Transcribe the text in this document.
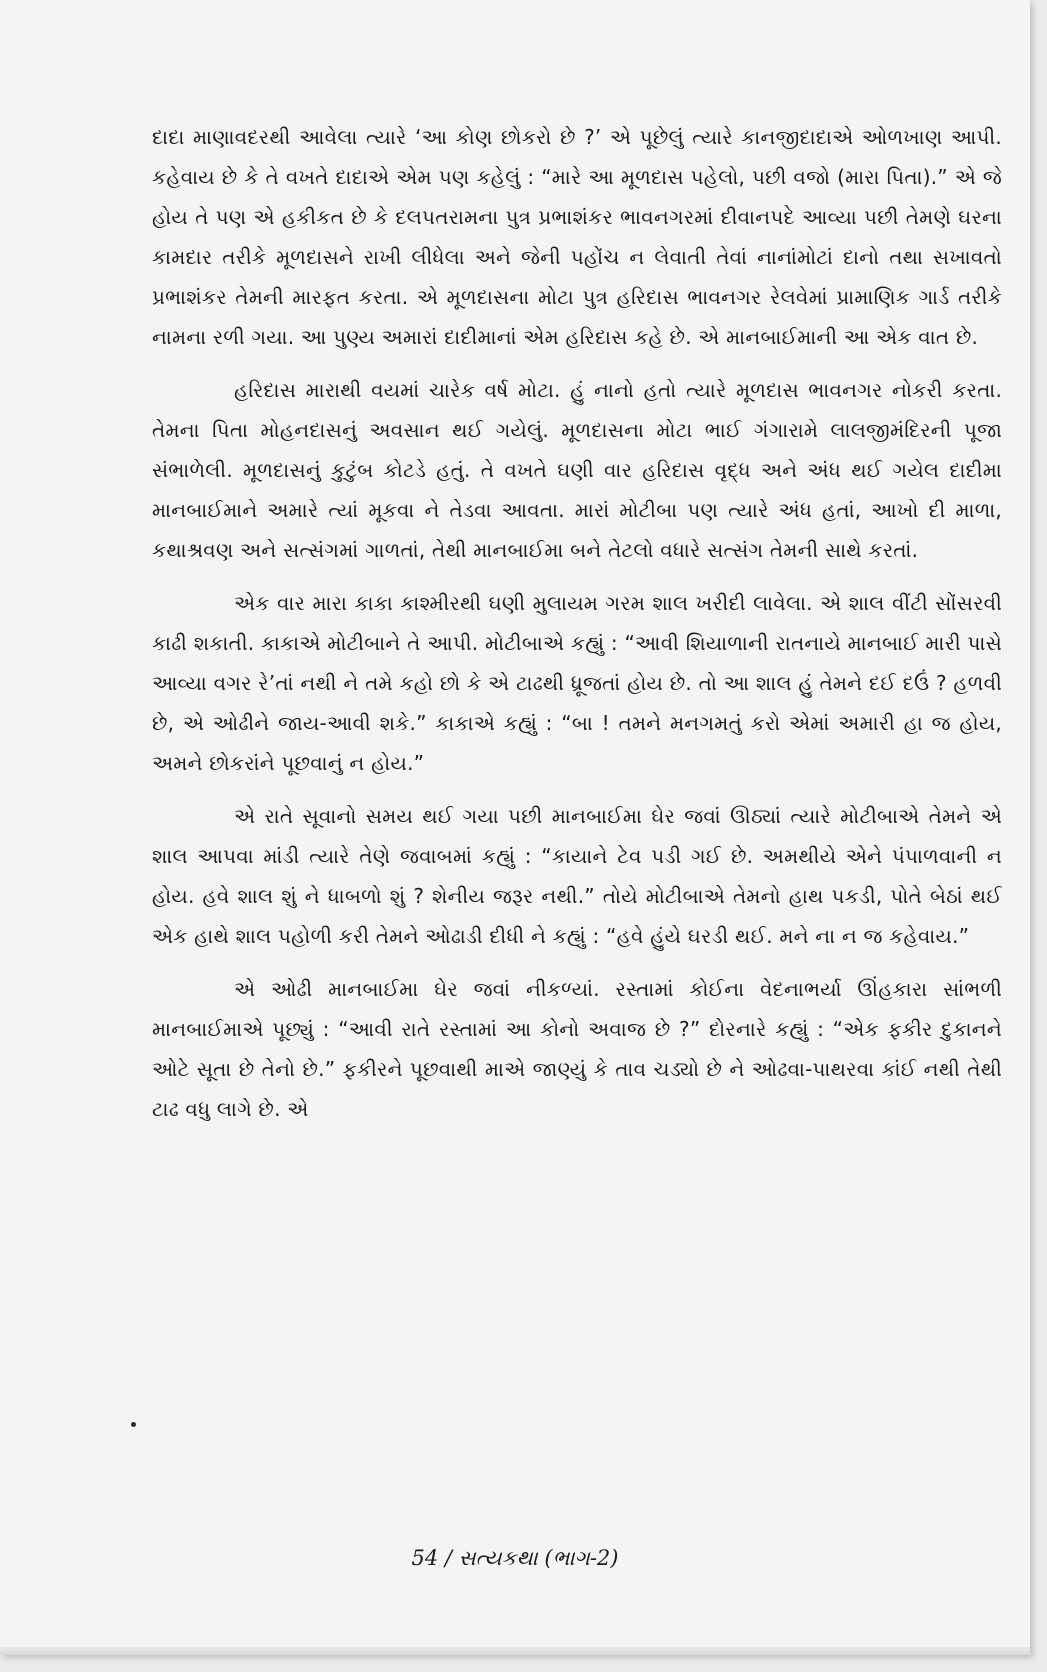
દાદા માણાવદરથી આવેલા ત્યારે ‘આ કોણ છોકરો છે ?’ એ પૂછેલું ત્યારે કાનજીદાદાએ ઓળખાણ આપી. કહેવાય છે કે તે વખતે દાદાએ એમ પણ કહેલું : “મારે આ મૂળદાસ પહેલો, પછી વજો (મારા પિતા).” એ જે હોય તે પણ એ હકીકત છે કે દલપતરામના પુત્ર પ્રભાશંકર ભાવનગરમાં દીવાનપદે આવ્યા પછી તેમણે ઘરના કામદાર તરીકે મૂળદાસને રાખી લીધેલા અને જેની પહોંચ ન લેવાતી તેવાં નાનાંમોટાં દાનો તથા સખાવતો પ્રભાશંકર તેમની મારફત કરતા. એ મૂળદાસના મોટા પુત્ર હરિદાસ ભાવનગર રેલવેમાં પ્રામાણિક ગાર્ડ તરીકે નામના રળી ગયા. આ પુણ્ય અમારાં દાદીમાનાં એમ હરિદાસ કહે છે. એ માનબાઈમાની આ એક વાત છે.

હરિદાસ મારાથી વયમાં ચારેક વર્ષ મોટા. હું નાનો હતો ત્યારે મૂળદાસ ભાવનગર નોકરી કરતા. તેમના પિતા મોહનદાસનું અવસાન થઈ ગયેલું. મૂળદાસના મોટા ભાઈ ગંગારામે લાલજીમંદિરની પૂજા સંભાળેલી. મૂળદાસનું કુટુંબ કોટડે હતું. તે વખતે ઘણી વાર હરિદાસ વૃદ્ધ અને અંધ થઈ ગયેલ દાદીમા માનબાઈમાને અમારે ત્યાં મૂકવા ને તેડવા આવતા. મારાં મોટીબા પણ ત્યારે અંધ હતાં, આખો દી માળા, કથાશ્રવણ અને સત્સંગમાં ગાળતાં, તેથી માનબાઈમા બને તેટલો વધારે સત્સંગ તેમની સાથે કરતાં.

એક વાર મારા કાકા કાશ્મીરથી ઘણી મુલાયમ ગરમ શાલ ખરીદી લાવેલા. એ શાલ વીંટી સોંસરવી કાઢી શકાતી. કાકાએ મોટીબાને તે આપી. મોટીબાએ કહ્યું : “આવી શિયાળાની રાતનાયે માનબાઈ મારી પાસે આવ્યા વગર રે’તાં નથી ને તમે કહો છો કે એ ટાઢથી ધ્રૂજતાં હોય છે. તો આ શાલ હું તેમને દઈ દઉં ? હળવી છે, એ ઓઢીને જાય-આવી શકે.” કાકાએ કહ્યું : “બા ! તમને મનગમતું કરો એમાં અમારી હા જ હોય, અમને છોકરાંને પૂછવાનું ન હોય.”

એ રાતે સૂવાનો સમય થઈ ગયા પછી માનબાઈમા ઘેર જવાં ઊઠ્યાં ત્યારે મોટીબાએ તેમને એ શાલ આપવા માંડી ત્યારે તેણે જવાબમાં કહ્યું : “કાયાને ટેવ પડી ગઈ છે. અમથીયે એને પંપાળવાની ન હોય. હવે શાલ શું ને ધાબળો શું ? શેનીય જરૂર નથી.” તોયે મોટીબાએ તેમનો હાથ પકડી, પોતે બેઠાં થઈ એક હાથે શાલ પહોળી કરી તેમને ઓઢાડી દીધી ને કહ્યું : “હવે હુંયે ઘરડી થઈ. મને ના ન જ કહેવાય.”

એ ઓઢી માનબાઈમા ઘેર જવાં નીકળ્યાં. રસ્તામાં કોઈના વેદનાભર્યા ઊંહકારા સાંભળી માનબાઈમાએ પૂછ્યું : “આવી રાતે રસ્તામાં આ કોનો અવાજ છે ?” દોરનારે કહ્યું : “એક ફકીર દુકાનને ઓટે સૂતા છે તેનો છે.” ફકીરને પૂછવાથી માએ જાણ્યું કે તાવ ચડ્યો છે ને ઓઢવા-પાથરવા કાંઈ નથી તેથી ટાઢ વધુ લાગે છે. એ

54 / સત્યકથા (ભાગ-2)
